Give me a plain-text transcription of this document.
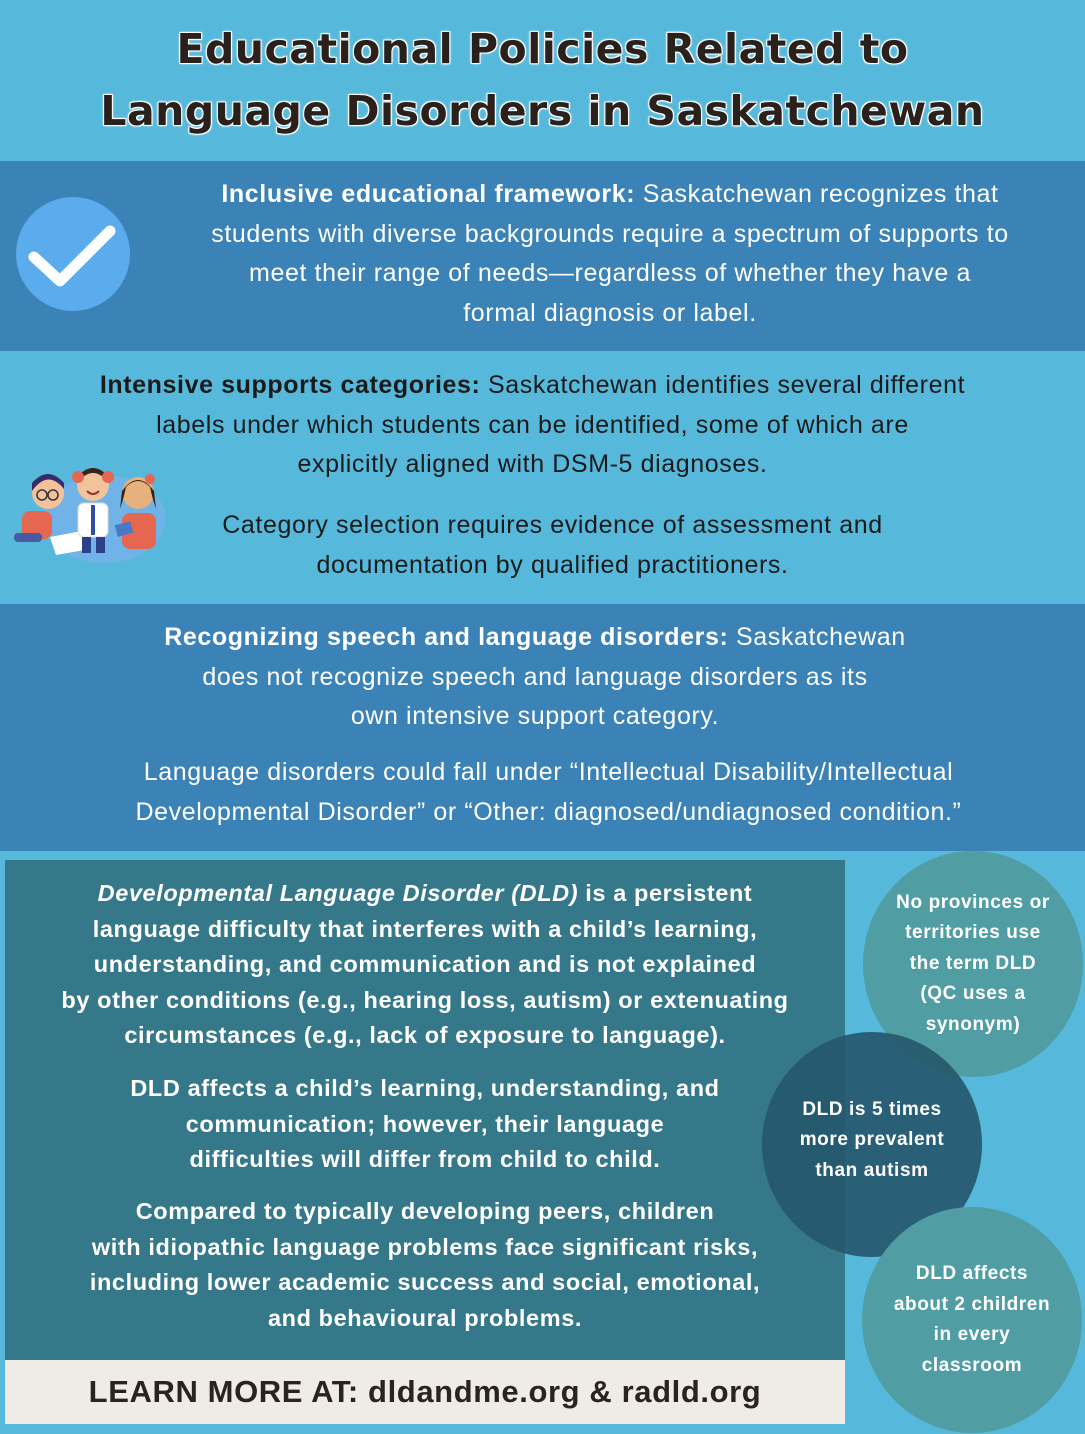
Educational Policies Related to
Language Disorders in Saskatchewan
Inclusive educational framework: Saskatchewan recognizes that
students with diverse backgrounds require a spectrum of supports to
meet their range of needs—regardless of whether they have a
formal diagnosis or label.
Intensive supports categories: Saskatchewan identifies several different
labels under which students can be identified, some of which are
explicitly aligned with DSM-5 diagnoses.
Category selection requires evidence of assessment and
documentation by qualified practitioners.
Recognizing speech and language disorders: Saskatchewan
does not recognize speech and language disorders as its
own intensive support category.
Language disorders could fall under “Intellectual Disability/Intellectual
Developmental Disorder” or “Other: diagnosed/undiagnosed condition.”
Developmental Language Disorder (DLD) is a persistent
language difficulty that interferes with a child’s learning,
understanding, and communication and is not explained
by other conditions (e.g., hearing loss, autism) or extenuating
circumstances (e.g., lack of exposure to language).
DLD affects a child’s learning, understanding, and
communication; however, their language
difficulties will differ from child to child.
Compared to typically developing peers, children
with idiopathic language problems face significant risks,
including lower academic success and social, emotional,
and behavioural problems.
LEARN MORE AT: dldandme.org & radld.org
No provinces or
territories use
the term DLD
(QC uses a
synonym)
DLD is 5 times
more prevalent
than autism
DLD affects
about 2 children
in every
classroom
